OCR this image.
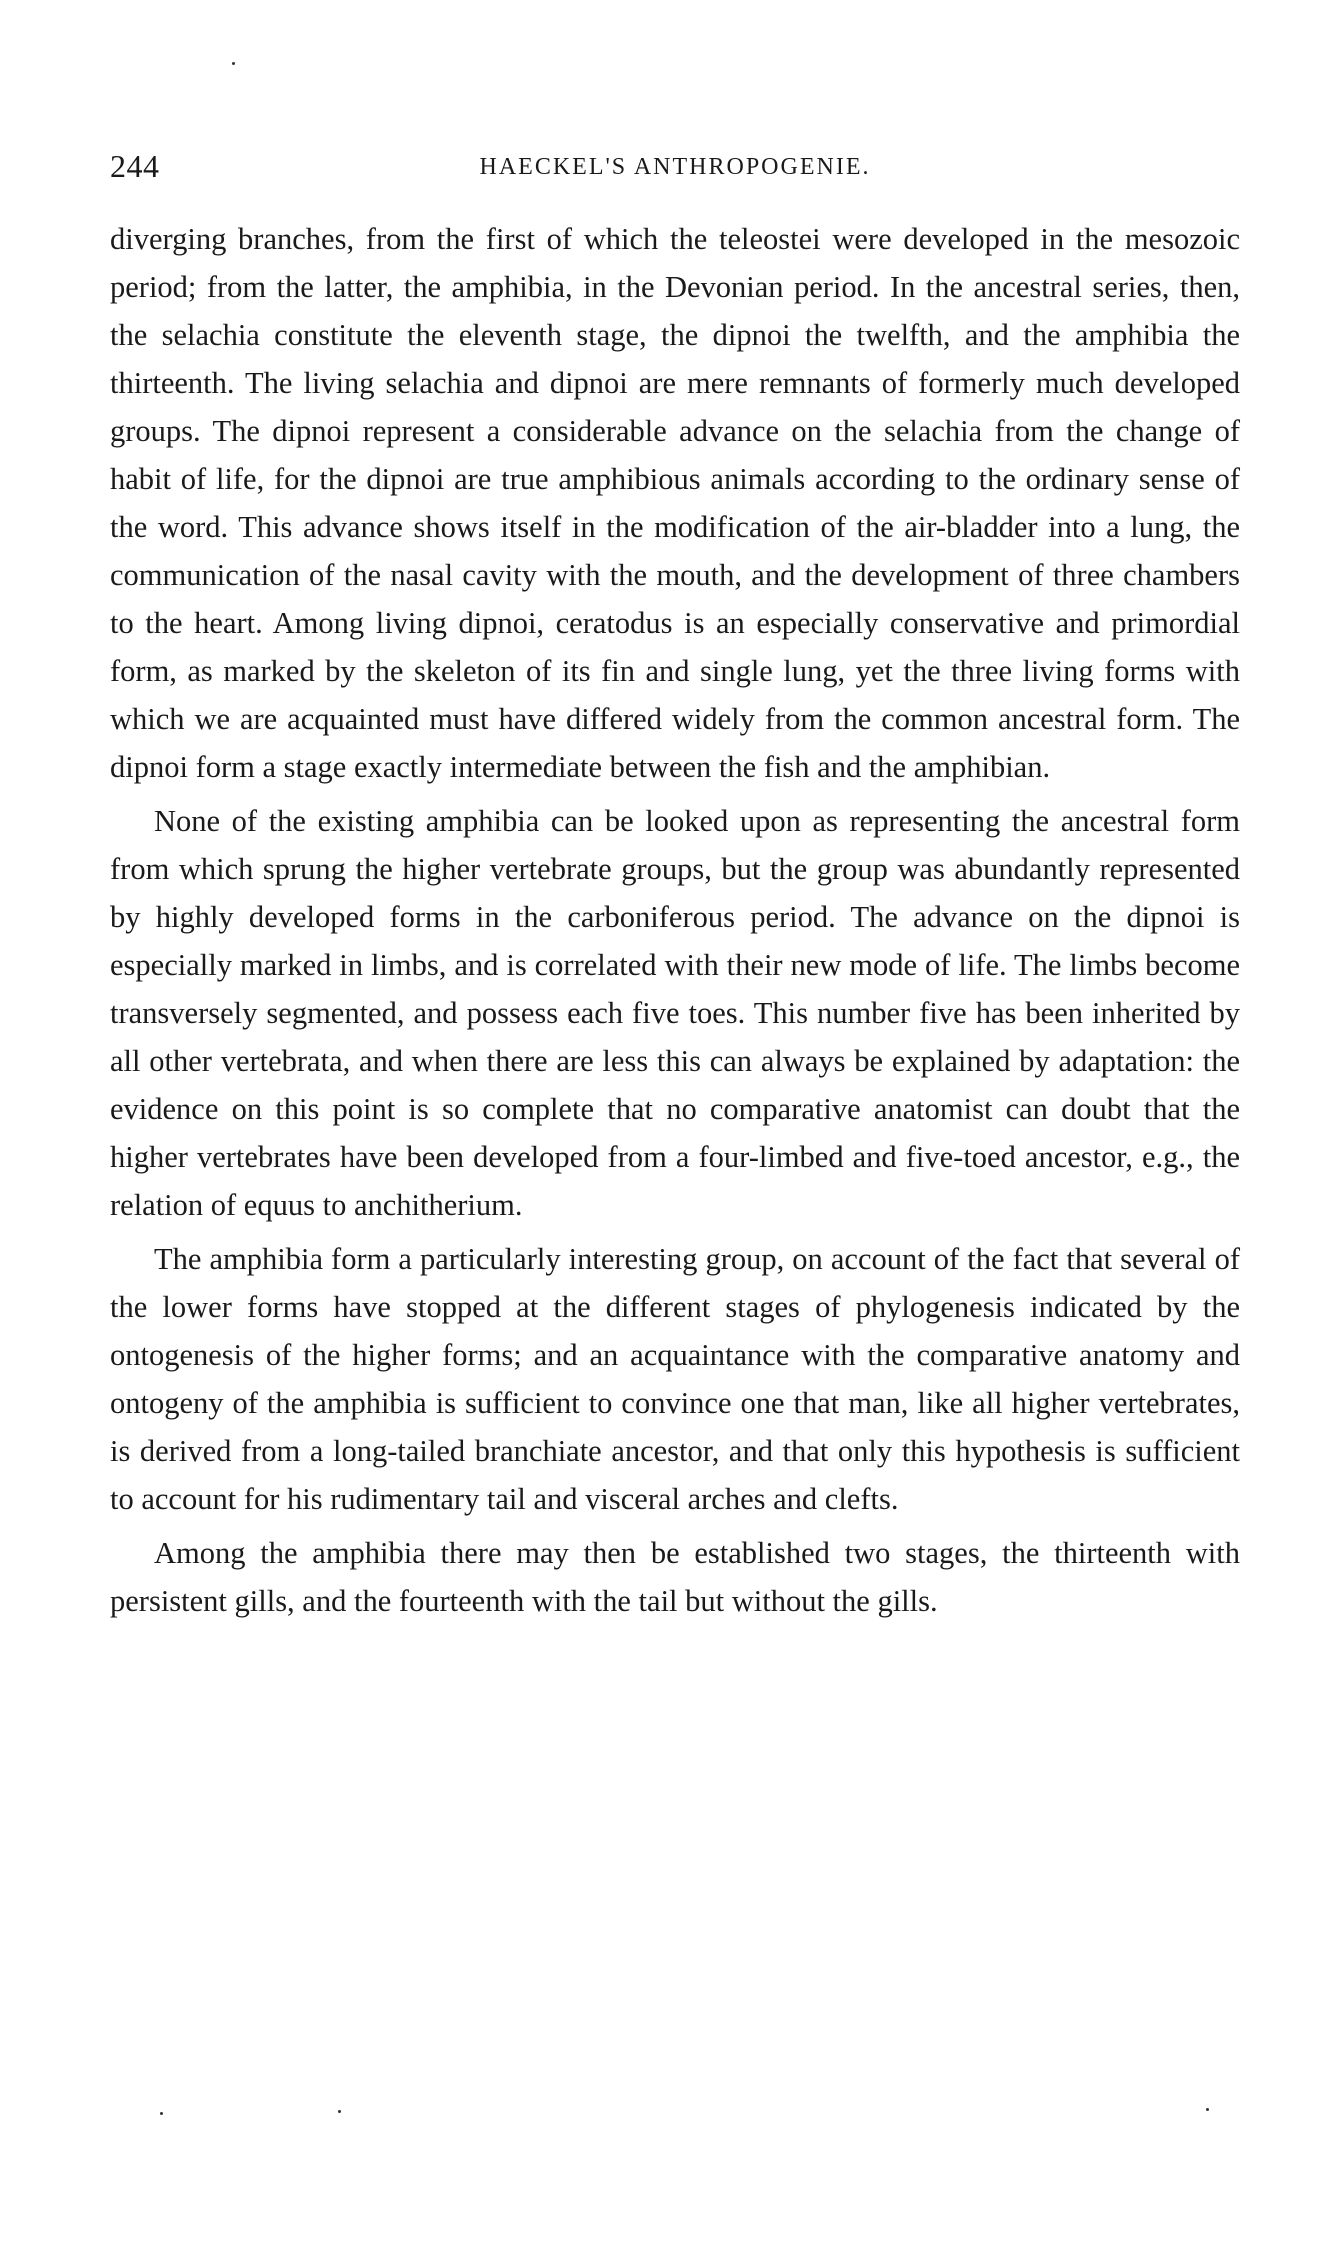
244	HAECKEL'S ANTHROPOGENIE.

diverging branches, from the first of which the teleostei were developed in the mesozoic period; from the latter, the amphibia, in the Devonian period. In the ancestral series, then, the selachia constitute the eleventh stage, the dipnoi the twelfth, and the amphibia the thirteenth. The living selachia and dipnoi are mere remnants of formerly much developed groups. The dipnoi represent a considerable advance on the selachia from the change of habit of life, for the dipnoi are true amphibious animals according to the ordinary sense of the word. This advance shows itself in the modification of the air-bladder into a lung, the communication of the nasal cavity with the mouth, and the development of three chambers to the heart. Among living dipnoi, ceratodus is an especially conservative and primordial form, as marked by the skeleton of its fin and single lung, yet the three living forms with which we are acquainted must have differed widely from the common ancestral form. The dipnoi form a stage exactly intermediate between the fish and the amphibian.

None of the existing amphibia can be looked upon as representing the ancestral form from which sprung the higher vertebrate groups, but the group was abundantly represented by highly developed forms in the carboniferous period. The advance on the dipnoi is especially marked in limbs, and is correlated with their new mode of life. The limbs become transversely segmented, and possess each five toes. This number five has been inherited by all other vertebrata, and when there are less this can always be explained by adaptation: the evidence on this point is so complete that no comparative anatomist can doubt that the higher vertebrates have been developed from a four-limbed and five-toed ancestor, e.g., the relation of equus to anchitherium.

The amphibia form a particularly interesting group, on account of the fact that several of the lower forms have stopped at the different stages of phylogenesis indicated by the ontogenesis of the higher forms; and an acquaintance with the comparative anatomy and ontogeny of the amphibia is sufficient to convince one that man, like all higher vertebrates, is derived from a long-tailed branchiate ancestor, and that only this hypothesis is sufficient to account for his rudimentary tail and visceral arches and clefts.

Among the amphibia there may then be established two stages, the thirteenth with persistent gills, and the fourteenth with the tail but without the gills.
